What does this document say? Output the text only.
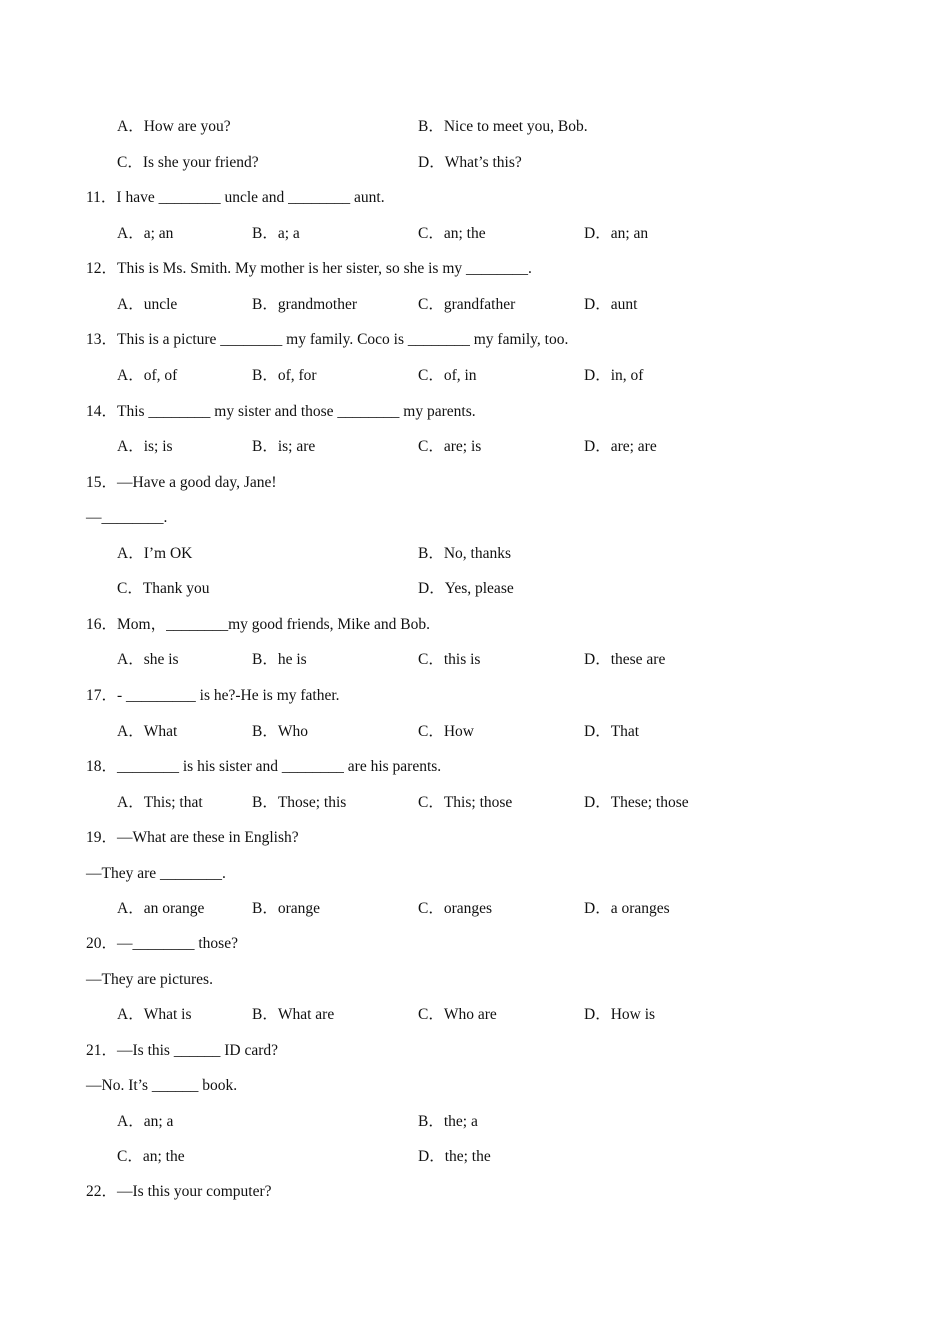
A．How are you?

	B．Nice to meet you, Bob.

C．Is she your friend?

	D．What’s this?

11．I have ________ uncle and ________ aunt.

A．a; an

	B．a; a

	C．an; the

	D．an; an

12．This is Ms. Smith. My mother is her sister, so she is my ________.

A．uncle

	B．grandmother

	C．grandfather

	D．aunt

13．This is a picture ________ my family. Coco is ________ my family, too.

A．of, of

	B．of, for

	C．of, in

	D．in, of

14．This ________ my sister and those ________ my parents.

A．is; is

	B．is; are

	C．are; is

	D．are; are

15．—Have a good day, Jane!
—________.

A．I’m OK

	B．No, thanks

C．Thank you

	D．Yes, please

16．Mom，________my good friends, Mike and Bob.

A．she is

	B．he is

	C．this is

	D．these are

17．- _________ is he?-He is my father.

A．What

	B．Who

	C．How

	D．That

18．________ is his sister and ________ are his parents.

A．This; that

	B．Those; this

	C．This; those

	D．These; those

19．—What are these in English?
—They are ________.

A．an orange

	B．orange

	C．oranges

	D．a oranges

20．—________ those?
—They are pictures.

A．What is

	B．What are

	C．Who are

	D．How is

21．—Is this ______ ID card?
—No. It’s ______ book.

A．an; a

	B．the; a

C．an; the

	D．the; the

22．—Is this your computer?
